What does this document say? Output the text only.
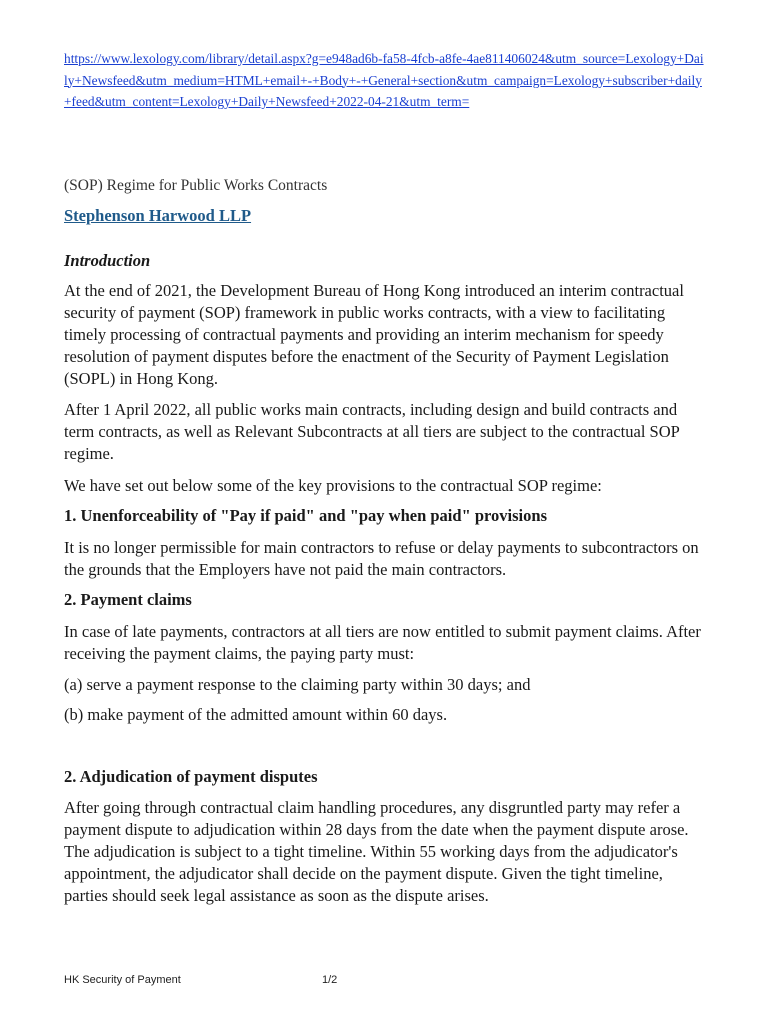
https://www.lexology.com/library/detail.aspx?g=e948ad6b-fa58-4fcb-a8fe-4ae811406024&utm_source=Lexology+Daily+Newsfeed&utm_medium=HTML+email+-+Body+-+General+section&utm_campaign=Lexology+subscriber+daily+feed&utm_content=Lexology+Daily+Newsfeed+2022-04-21&utm_term=
(SOP) Regime for Public Works Contracts
Stephenson Harwood LLP
Introduction

At the end of 2021, the Development Bureau of Hong Kong introduced an interim contractual security of payment (SOP) framework in public works contracts, with a view to facilitating timely processing of contractual payments and providing an interim mechanism for speedy resolution of payment disputes before the enactment of the Security of Payment Legislation (SOPL) in Hong Kong.

After 1 April 2022, all public works main contracts, including design and build contracts and term contracts, as well as Relevant Subcontracts at all tiers are subject to the contractual SOP regime.

We have set out below some of the key provisions to the contractual SOP regime:

1. Unenforceability of "Pay if paid" and "pay when paid" provisions

It is no longer permissible for main contractors to refuse or delay payments to subcontractors on the grounds that the Employers have not paid the main contractors.

2. Payment claims

In case of late payments, contractors at all tiers are now entitled to submit payment claims. After receiving the payment claims, the paying party must:

(a) serve a payment response to the claiming party within 30 days; and

(b) make payment of the admitted amount within 60 days.

2. Adjudication of payment disputes

After going through contractual claim handling procedures, any disgruntled party may refer a payment dispute to adjudication within 28 days from the date when the payment dispute arose. The adjudication is subject to a tight timeline. Within 55 working days from the adjudicator's appointment, the adjudicator shall decide on the payment dispute. Given the tight timeline, parties should seek legal assistance as soon as the dispute arises.

HK Security of Payment	1/2
